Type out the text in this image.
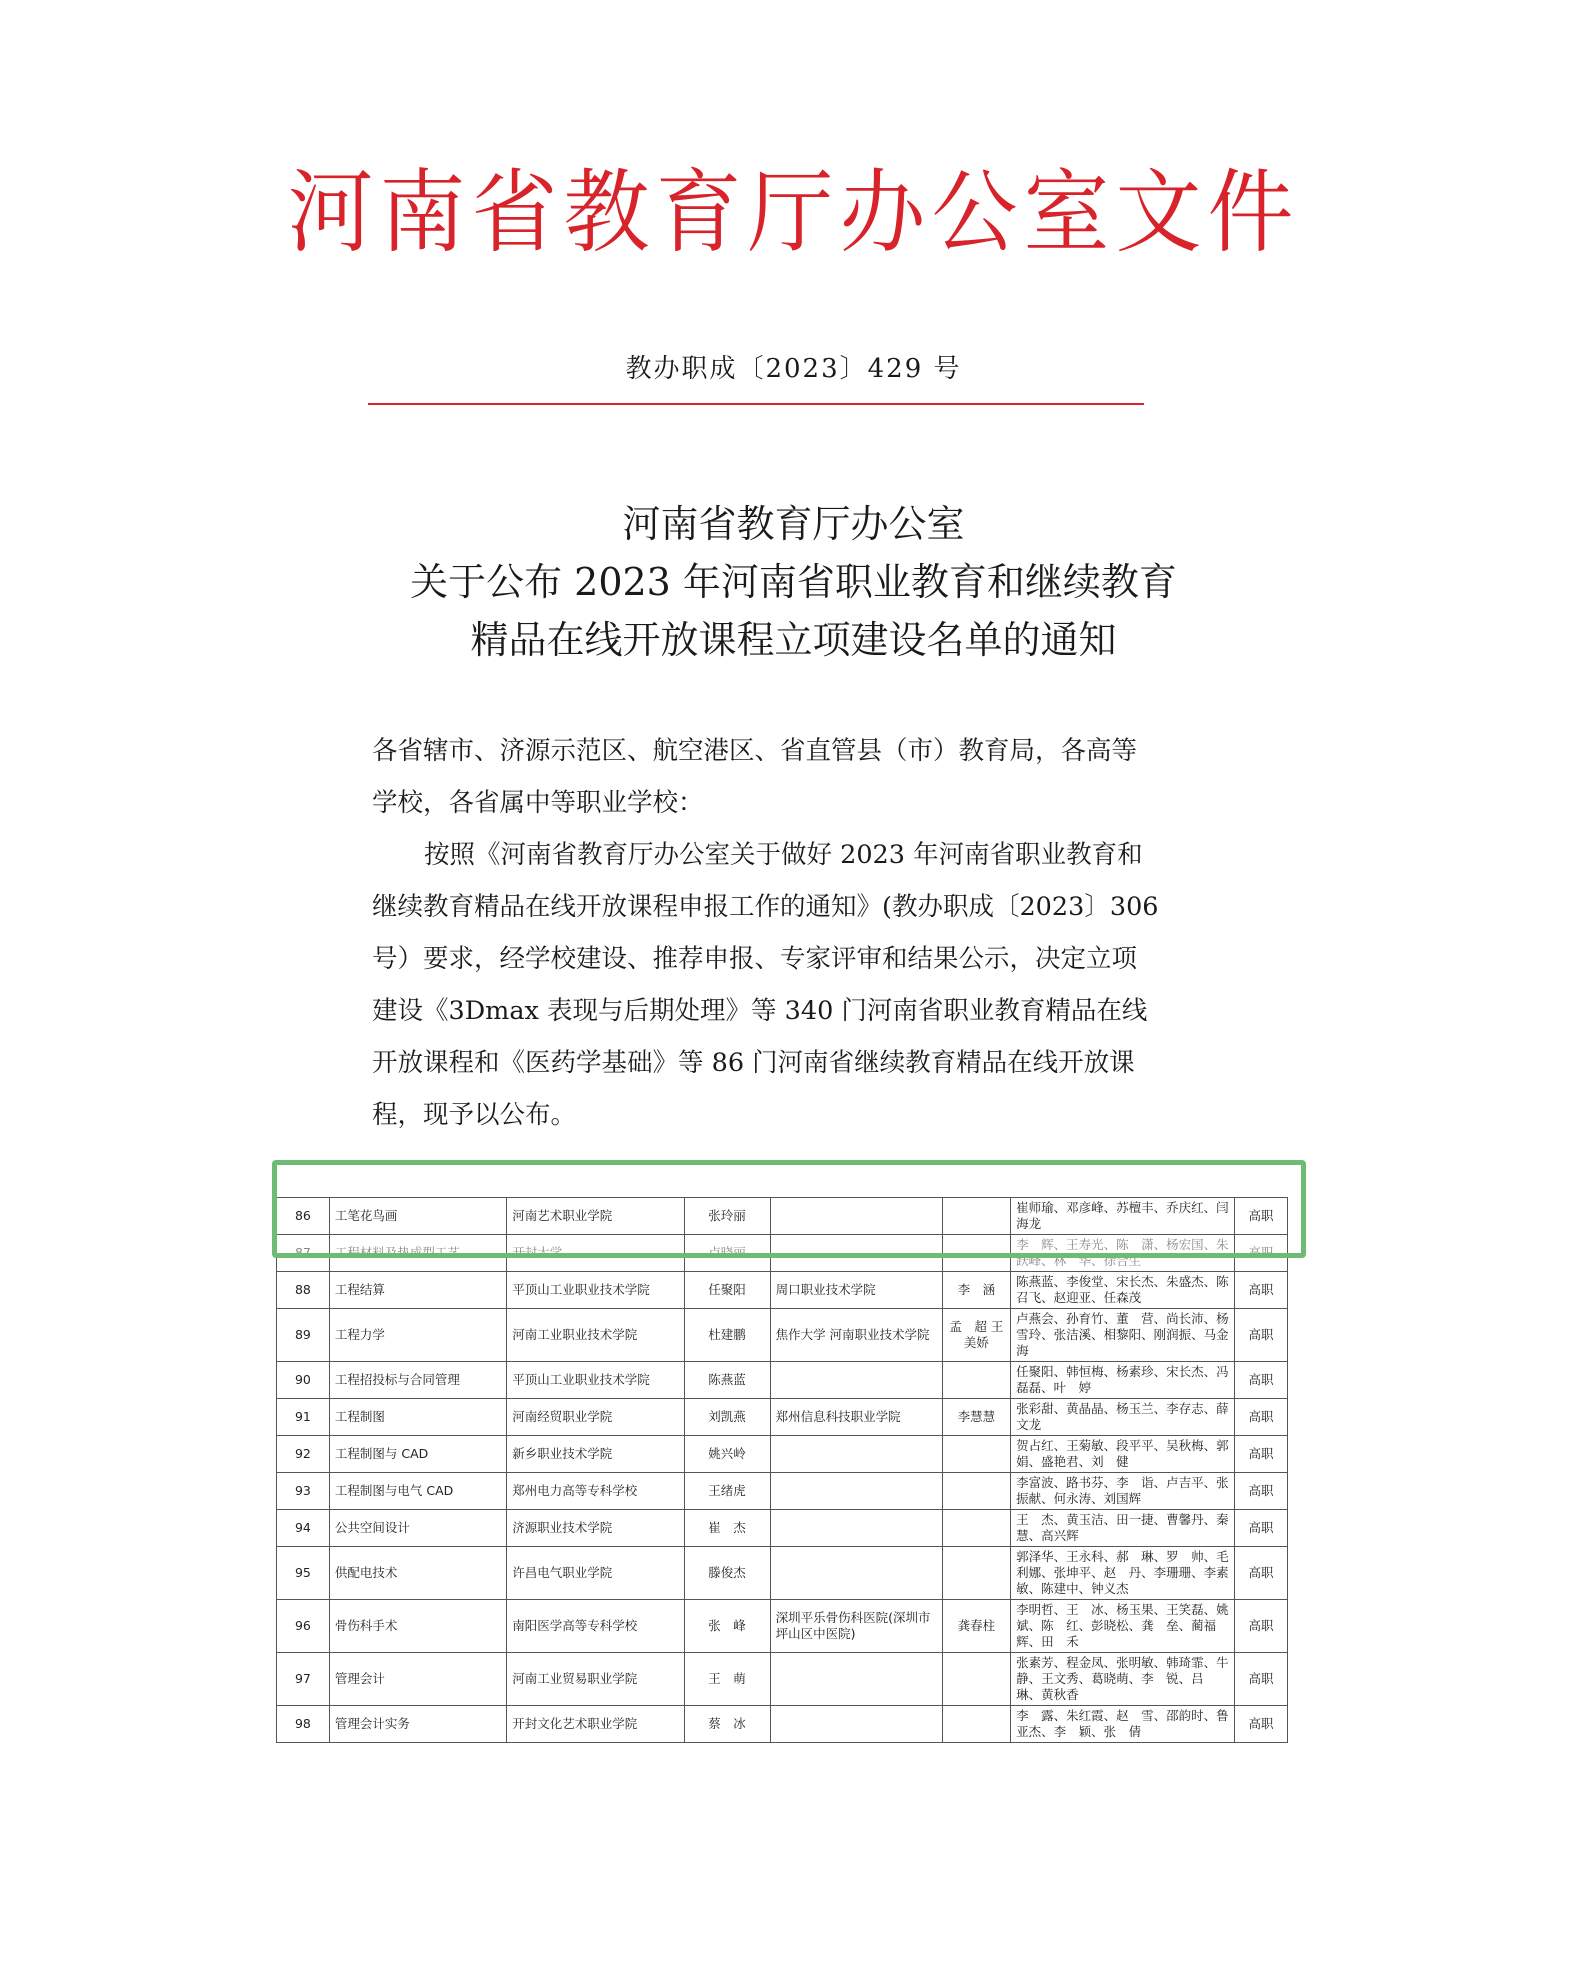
河南省教育厅办公室文件
教办职成〔2023〕429 号
河南省教育厅办公室
关于公布 2023 年河南省职业教育和继续教育
精品在线开放课程立项建设名单的通知

各省辖市、济源示范区、航空港区、省直管县（市）教育局，各高等学校，各省属中等职业学校：

按照《河南省教育厅办公室关于做好 2023 年河南省职业教育和继续教育精品在线开放课程申报工作的通知》(教办职成〔2023〕306 号）要求，经学校建设、推荐申报、专家评审和结果公示，决定立项建设《3Dmax 表现与后期处理》等 340 门河南省职业教育精品在线开放课程和《医药学基础》等 86 门河南省继续教育精品在线开放课程，现予以公布。

86	工笔花鸟画	河南艺术职业学院	张玲丽			崔师瑜、邓彦峰、苏檀丰、乔庆红、闫海龙	高职
87	工程材料及热成型工艺	开封大学	卢晓丽			李　辉、王寿光、陈　潇、杨宏国、朱跃峰、林　华、徐合生	高职
88	工程结算	平顶山工业职业技术学院	任聚阳	周口职业技术学院	李　涵	陈燕蓝、李俊堂、宋长杰、朱盛杰、陈召飞、赵迎亚、任森茂	高职
89	工程力学	河南工业职业技术学院	杜建鹏	焦作大学 河南职业技术学院	孟　超 王美娇	卢燕会、孙育竹、董　营、尚长沛、杨雪玲、张洁溪、相黎阳、刚润振、马金海	高职
90	工程招投标与合同管理	平顶山工业职业技术学院	陈燕蓝			任聚阳、韩恒梅、杨素珍、宋长杰、冯磊磊、叶　婷	高职
91	工程制图	河南经贸职业学院	刘凯燕	郑州信息科技职业学院	李慧慧	张彩甜、黄晶晶、杨玉兰、李存志、薛文龙	高职
92	工程制图与 CAD	新乡职业技术学院	姚兴岭			贺占红、王菊敏、段平平、吴秋梅、郭　娟、盛艳君、刘　健	高职
93	工程制图与电气 CAD	郑州电力高等专科学校	王绪虎			李富波、路书芬、李　诣、卢吉平、张振献、何永涛、刘国辉	高职
94	公共空间设计	济源职业技术学院	崔　杰			王　杰、黄玉洁、田一捷、曹馨丹、秦　慧、高兴辉	高职
95	供配电技术	许昌电气职业学院	滕俊杰			郭泽华、王永科、郝　琳、罗　帅、毛利娜、张坤平、赵　丹、李珊珊、李素敏、陈建中、钟义杰	高职
96	骨伤科手术	南阳医学高等专科学校	张　峰	深圳平乐骨伤科医院(深圳市坪山区中医院)	龚春柱	李明哲、王　冰、杨玉果、王笑磊、姚　斌、陈　红、彭晓松、龚　垒、蔺福辉、田　禾	高职
97	管理会计	河南工业贸易职业学院	王　萌			张素芳、程金凤、张明敏、韩琦霏、牛　静、王文秀、葛晓萌、李　锐、吕　琳、黄秋香	高职
98	管理会计实务	开封文化艺术职业学院	蔡　冰			李　露、朱红霞、赵　雪、邵韵时、鲁亚杰、李　颖、张　倩	高职
